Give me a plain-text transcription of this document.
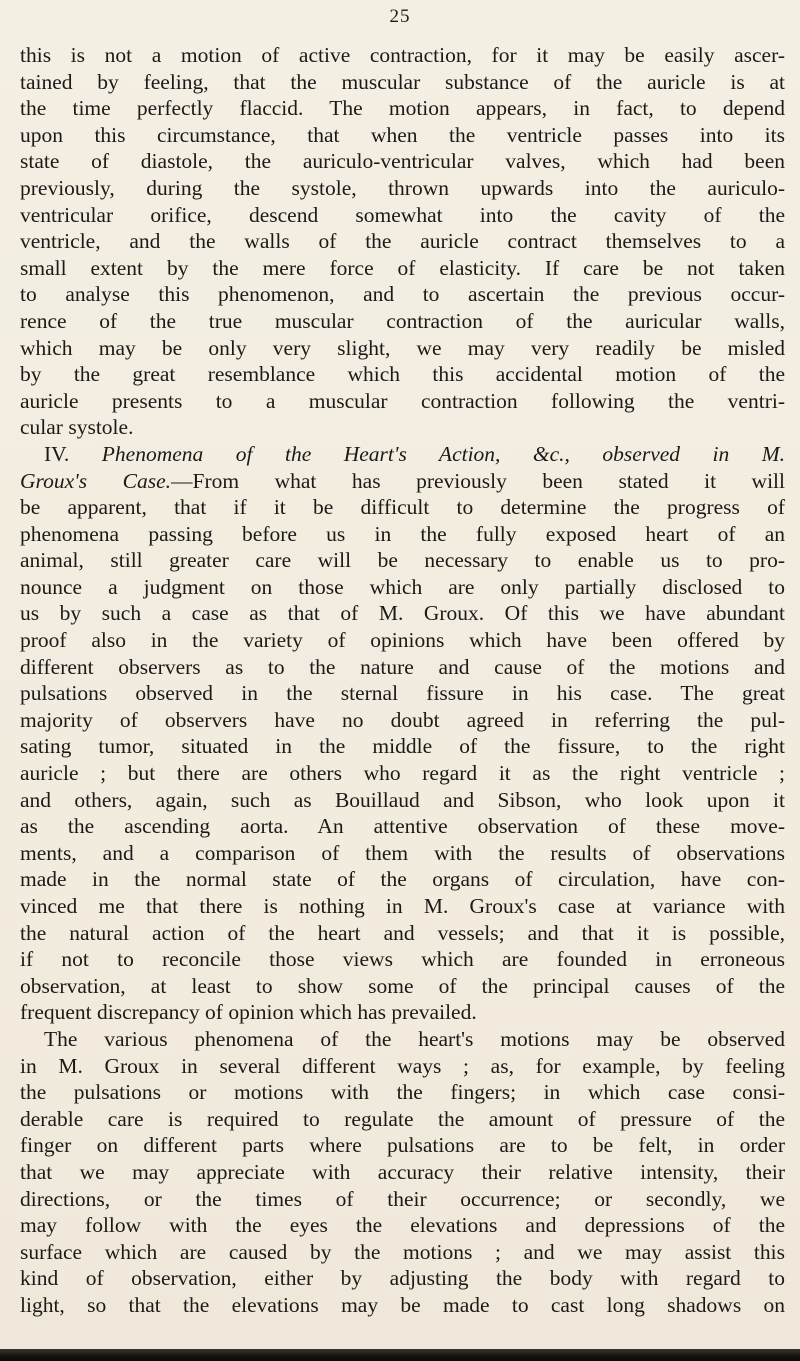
25
this is not a motion of active contraction, for it may be easily ascer-
tained by feeling, that the muscular substance of the auricle is at
the time perfectly flaccid. The motion appears, in fact, to depend
upon this circumstance, that when the ventricle passes into its
state of diastole, the auriculo-ventricular valves, which had been
previously, during the systole, thrown upwards into the auriculo-
ventricular orifice, descend somewhat into the cavity of the
ventricle, and the walls of the auricle contract themselves to a
small extent by the mere force of elasticity. If care be not taken
to analyse this phenomenon, and to ascertain the previous occur-
rence of the true muscular contraction of the auricular walls,
which may be only very slight, we may very readily be misled
by the great resemblance which this accidental motion of the
auricle presents to a muscular contraction following the ventri-
cular systole.
IV. Phenomena of the Heart's Action, &c., observed in M.
Groux's Case.—From what has previously been stated it will
be apparent, that if it be difficult to determine the progress of
phenomena passing before us in the fully exposed heart of an
animal, still greater care will be necessary to enable us to pro-
nounce a judgment on those which are only partially disclosed to
us by such a case as that of M. Groux. Of this we have abundant
proof also in the variety of opinions which have been offered by
different observers as to the nature and cause of the motions and
pulsations observed in the sternal fissure in his case. The great
majority of observers have no doubt agreed in referring the pul-
sating tumor, situated in the middle of the fissure, to the right
auricle ; but there are others who regard it as the right ventricle ;
and others, again, such as Bouillaud and Sibson, who look upon it
as the ascending aorta. An attentive observation of these move-
ments, and a comparison of them with the results of observations
made in the normal state of the organs of circulation, have con-
vinced me that there is nothing in M. Groux's case at variance with
the natural action of the heart and vessels; and that it is possible,
if not to reconcile those views which are founded in erroneous
observation, at least to show some of the principal causes of the
frequent discrepancy of opinion which has prevailed.
The various phenomena of the heart's motions may be observed
in M. Groux in several different ways ; as, for example, by feeling
the pulsations or motions with the fingers; in which case consi-
derable care is required to regulate the amount of pressure of the
finger on different parts where pulsations are to be felt, in order
that we may appreciate with accuracy their relative intensity, their
directions, or the times of their occurrence; or secondly, we
may follow with the eyes the elevations and depressions of the
surface which are caused by the motions ; and we may assist this
kind of observation, either by adjusting the body with regard to
light, so that the elevations may be made to cast long shadows on
